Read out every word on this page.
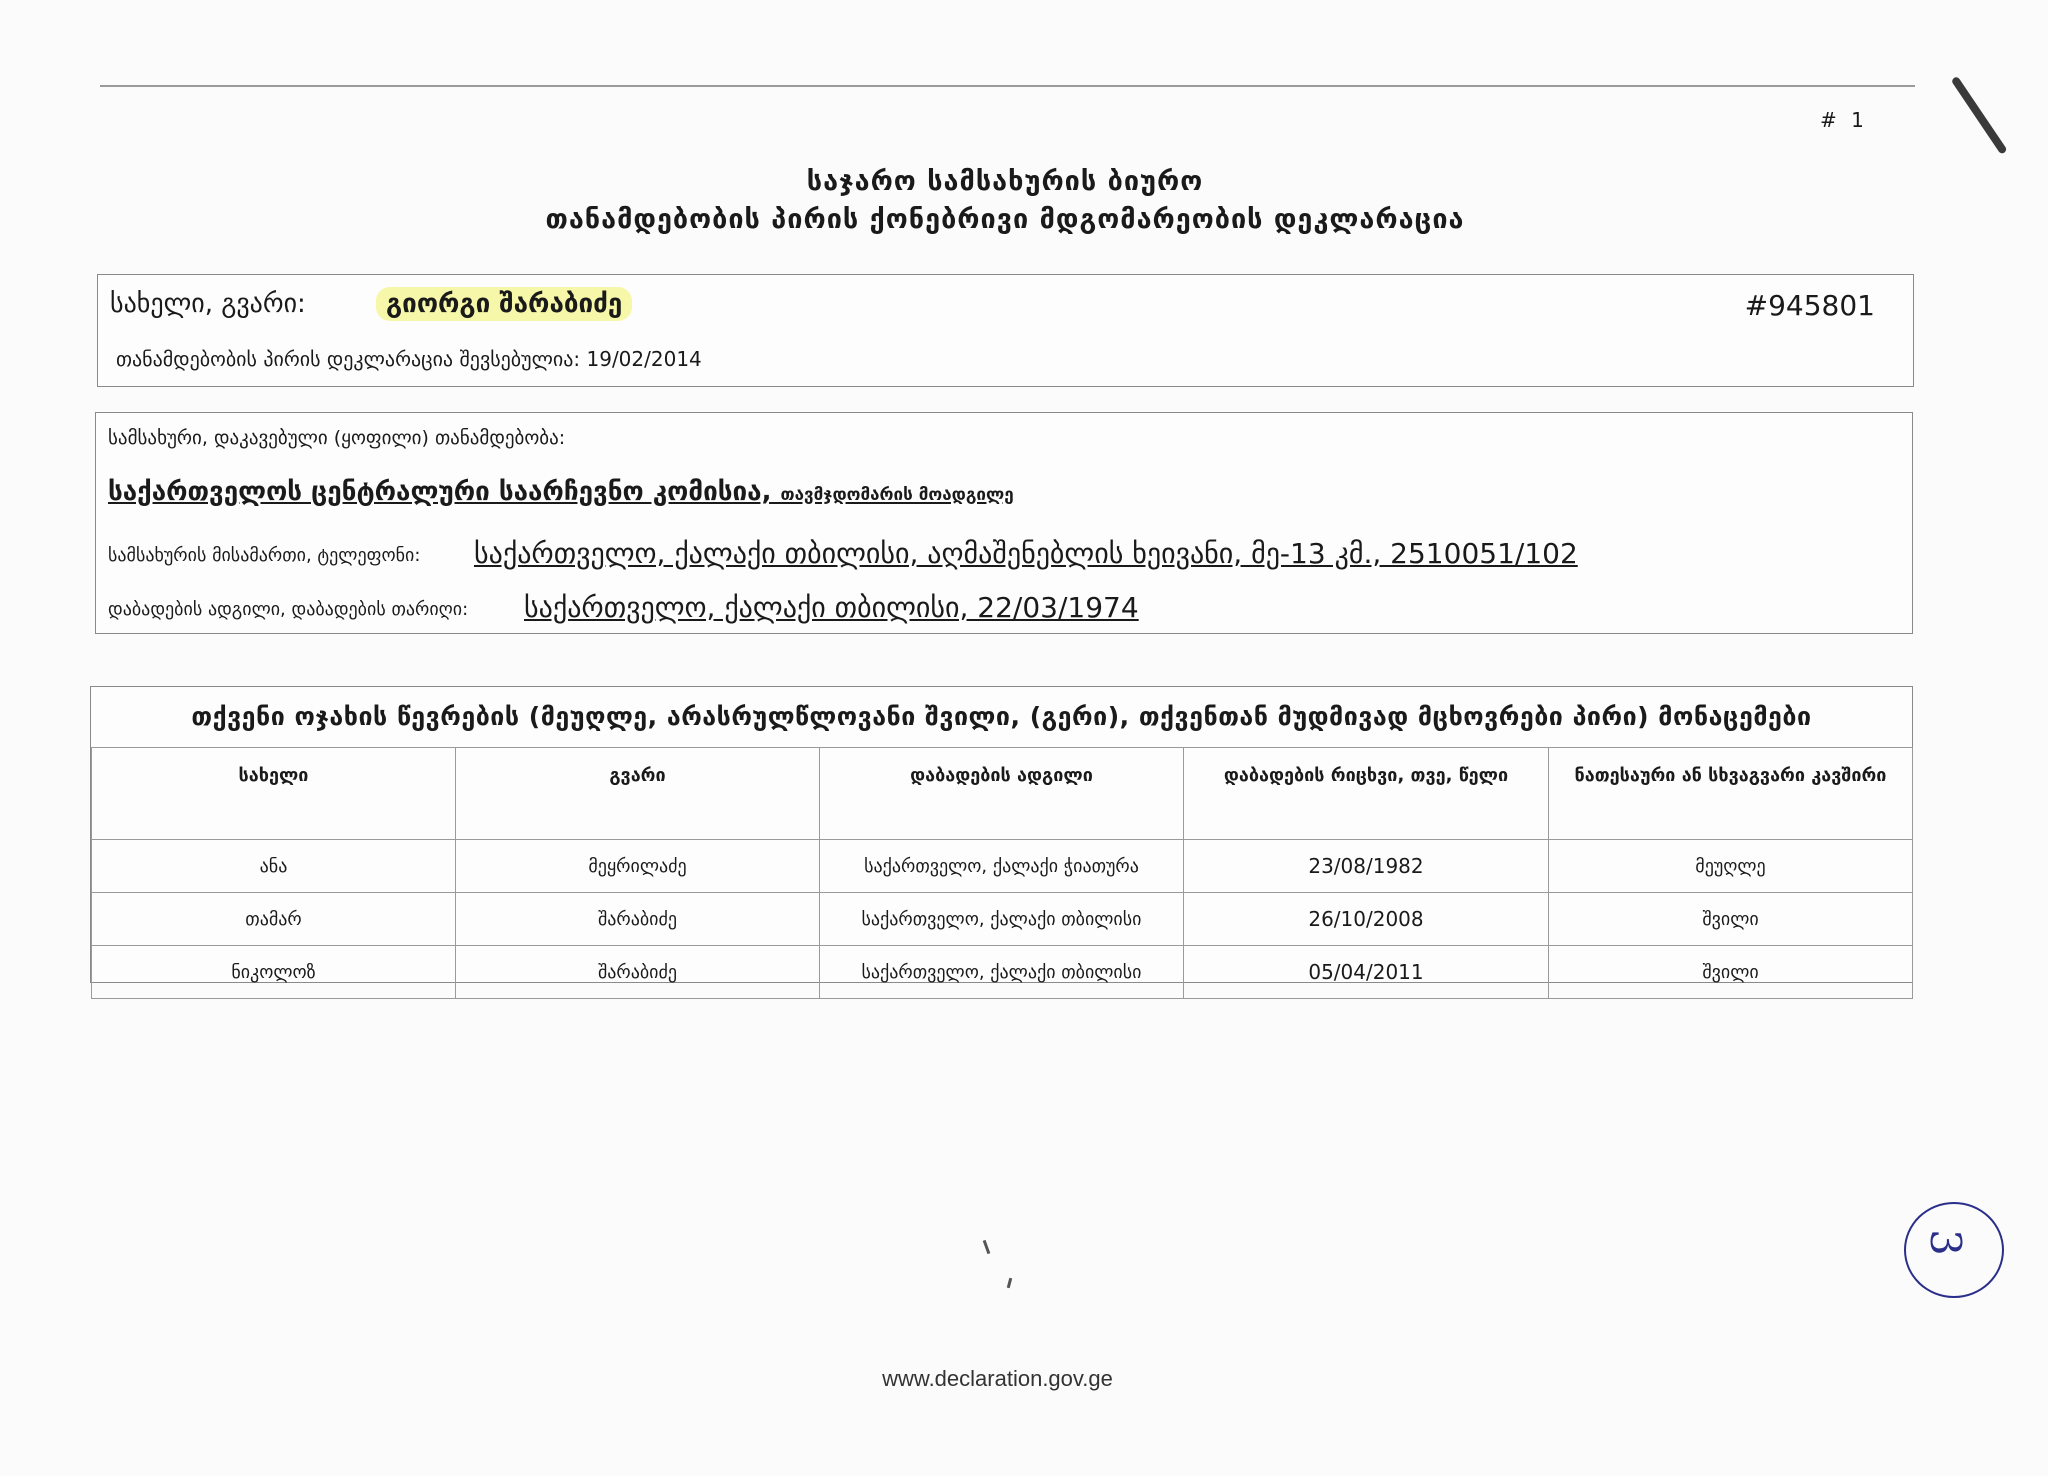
# 1
საჯარო სამსახურის ბიურო
თანამდებობის პირის ქონებრივი მდგომარეობის დეკლარაცია
სახელი, გვარი:	გიორგი შარაბიძე	#945801
თანამდებობის პირის დეკლარაცია შევსებულია: 19/02/2014
სამსახური, დაკავებული (ყოფილი) თანამდებობა:
საქართველოს ცენტრალური საარჩევნო კომისია, თავმჯდომარის მოადგილე
სამსახურის მისამართი, ტელეფონი: საქართველო, ქალაქი თბილისი, აღმაშენებლის ხეივანი, მე-13 კმ., 2510051/102
დაბადების ადგილი, დაბადების თარიღი: საქართველო, ქალაქი თბილისი, 22/03/1974
თქვენი ოჯახის წევრების (მეუღლე, არასრულწლოვანი შვილი, (გერი), თქვენთან მუდმივად მცხოვრები პირი) მონაცემები
სახელი	გვარი	დაბადების ადგილი	დაბადების რიცხვი, თვე, წელი	ნათესაური ან სხვაგვარი კავშირი
ანა	მეყრილაძე	საქართველო, ქალაქი ჭიათურა	23/08/1982	მეუღლე
თამარ	შარაბიძე	საქართველო, ქალაქი თბილისი	26/10/2008	შვილი
ნიკოლოზ	შარაბიძე	საქართველო, ქალაქი თბილისი	05/04/2011	შვილი
3
www.declaration.gov.ge
